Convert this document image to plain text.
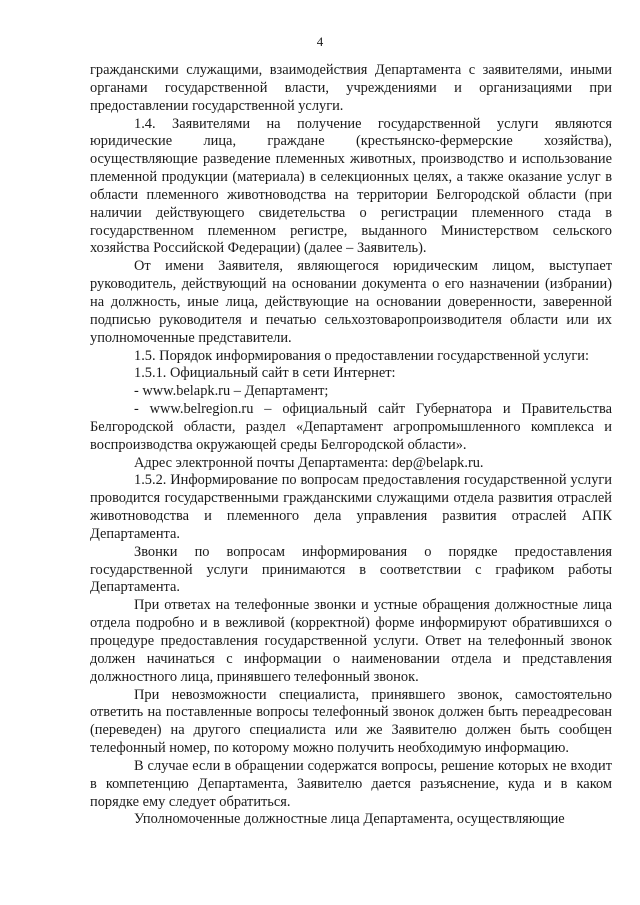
4

гражданскими служащими, взаимодействия Департамента с заявителями, иными органами государственной власти, учреждениями и организациями при предоставлении государственной услуги.

1.4. Заявителями на получение государственной услуги являются юридические лица, граждане (крестьянско-фермерские хозяйства), осуществляющие разведение племенных животных, производство и использование племенной продукции (материала) в селекционных целях, а также оказание услуг в области племенного животноводства на территории Белгородской области (при наличии действующего свидетельства о регистрации племенного стада в государственном племенном регистре, выданного Министерством сельского хозяйства Российской Федерации) (далее – Заявитель).

От имени Заявителя, являющегося юридическим лицом, выступает руководитель, действующий на основании документа о его назначении (избрании) на должность, иные лица, действующие на основании доверенности, заверенной подписью руководителя и печатью сельхозтоваропроизводителя области или их уполномоченные представители.

1.5. Порядок информирования о предоставлении государственной услуги:

1.5.1. Официальный сайт в сети Интернет:

- www.belapk.ru – Департамент;

- www.belregion.ru – официальный сайт Губернатора и Правительства Белгородской области, раздел «Департамент агропромышленного комплекса и воспроизводства окружающей среды Белгородской области».

Адрес электронной почты Департамента: dep@belapk.ru.

1.5.2. Информирование по вопросам предоставления государственной услуги проводится государственными гражданскими служащими отдела развития отраслей животноводства и племенного дела управления развития отраслей АПК Департамента.

Звонки по вопросам информирования о порядке предоставления государственной услуги принимаются в соответствии с графиком работы Департамента.

При ответах на телефонные звонки и устные обращения должностные лица отдела подробно и в вежливой (корректной) форме информируют обратившихся о процедуре предоставления государственной услуги. Ответ на телефонный звонок должен начинаться с информации о наименовании отдела и представления должностного лица, принявшего телефонный звонок.

При невозможности специалиста, принявшего звонок, самостоятельно ответить на поставленные вопросы телефонный звонок должен быть переадресован (переведен) на другого специалиста или же Заявителю должен быть сообщен телефонный номер, по которому можно получить необходимую информацию.

В случае если в обращении содержатся вопросы, решение которых не входит в компетенцию Департамента, Заявителю дается разъяснение, куда и в каком порядке ему следует обратиться.

Уполномоченные должностные лица Департамента, осуществляющие
